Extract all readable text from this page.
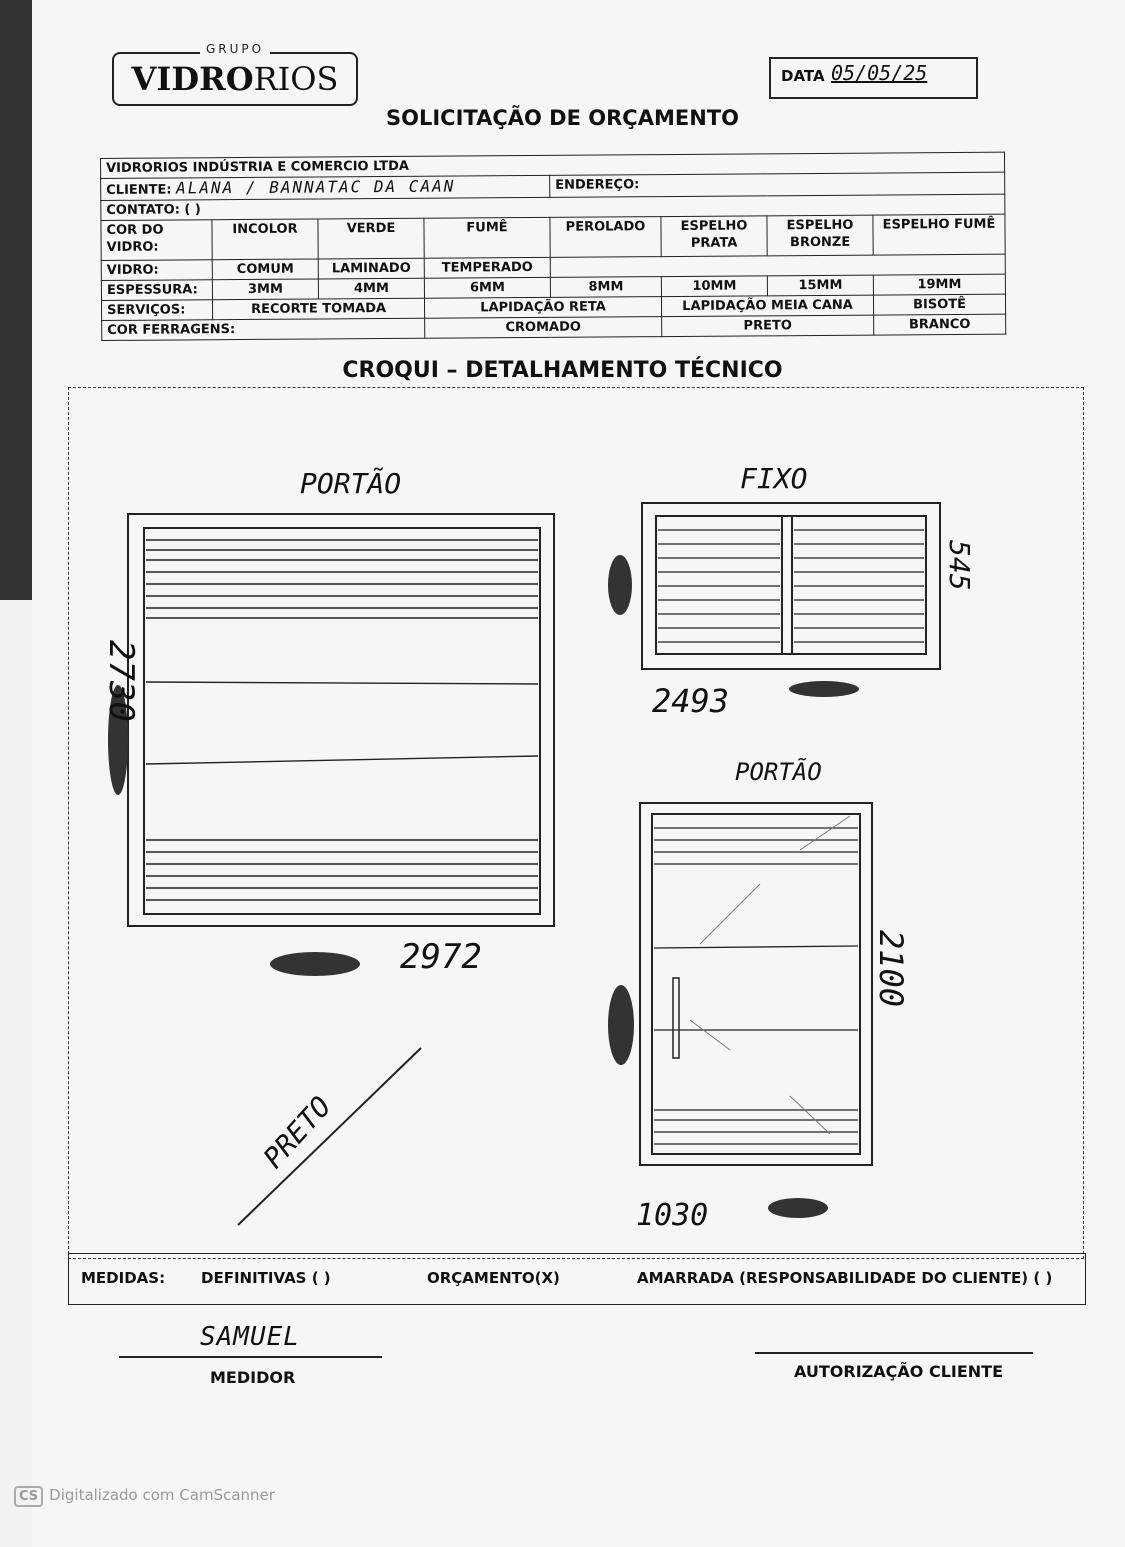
GRUPO
VIDRORIOS	DATA 05/05/25
SOLICITAÇÃO DE ORÇAMENTO
VIDRORIOS INDÚSTRIA E COMERCIO LTDA							
CLIENTE: ALANA / BANNATAC DA CAAN				ENDEREÇO:			
CONTATO: ( )							
COR DO VIDRO:	INCOLOR	VERDE	FUMÊ	PEROLADO	ESPELHO PRATA	ESPELHO BRONZE	ESPELHO FUMÊ
VIDRO:	COMUM	LAMINADO	TEMPERADO				
ESPESSURA:	3MM	4MM	6MM	8MM	10MM	15MM	19MM
SERVIÇOS:	RECORTE TOMADA		LAPIDAÇÃO RETA		LAPIDAÇÃO MEIA CANA		BISOTÊ
COR FERRAGENS:			CROMADO		PRETO		BRANCO
CROQUI – DETALHAMENTO TÉCNICO
PORTÃO
2972
2730
FIXO
2493
545
PORTÃO
1030
2100
PRETO
MEDIDAS: DEFINITIVAS ( )	ORÇAMENTO(X)	AMARRADA (RESPONSABILIDADE DO CLIENTE) ( )
SAMUEL
MEDIDOR	AUTORIZAÇÃO CLIENTE
CS Digitalizado com CamScanner
